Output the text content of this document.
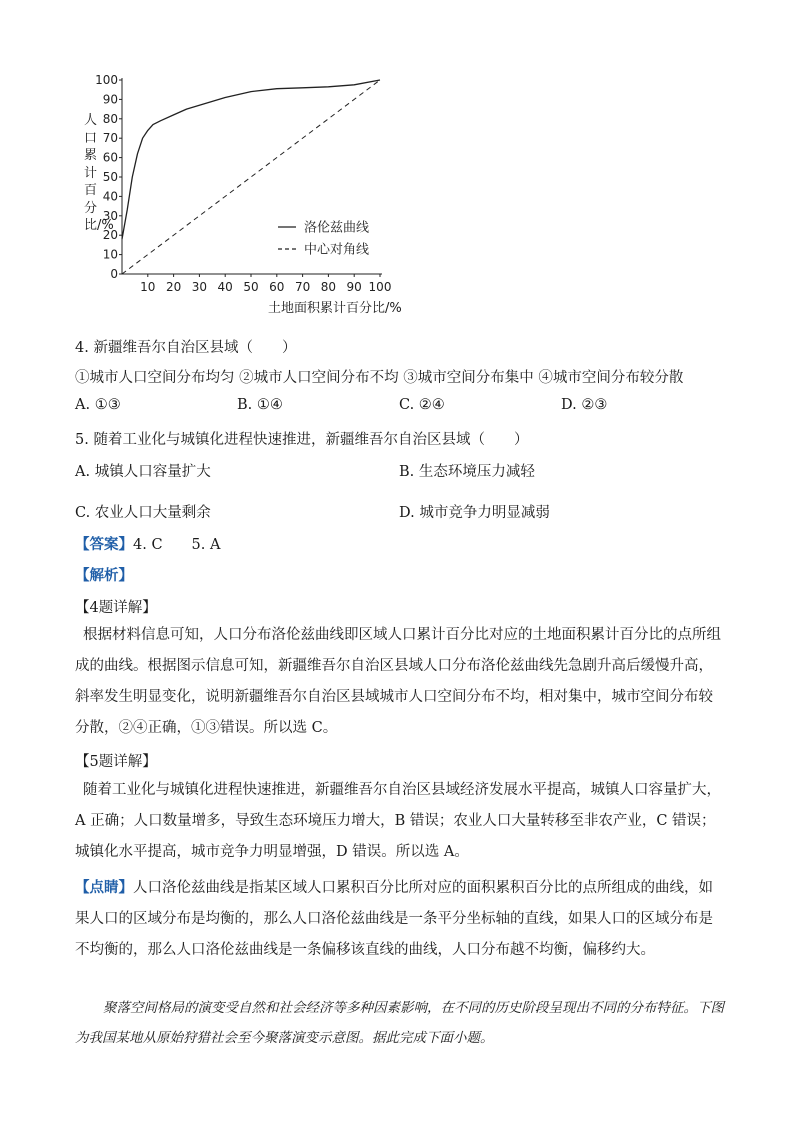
0
10
20
30
40
50
60
70
80
90
100
10 20 30 40 50 60 70 80 90 100
洛伦兹曲线
中心对角线
人口累计百分比/%
土地面积累计百分比/%
4. 新疆维吾尔自治区县域（　　）
①城市人口空间分布均匀 ②城市人口空间分布不均 ③城市空间分布集中 ④城市空间分布较分散
A. ①③	B. ①④	C. ②④	D. ②③
5. 随着工业化与城镇化进程快速推进，新疆维吾尔自治区县域（　　）
A. 城镇人口容量扩大	B. 生态环境压力减轻
C. 农业人口大量剩余	D. 城市竞争力明显减弱
【答案】4. C　　5. A
【解析】
【4题详解】
根据材料信息可知，人口分布洛伦兹曲线即区域人口累计百分比对应的土地面积累计百分比的点所组成的曲线。根据图示信息可知，新疆维吾尔自治区县域人口分布洛伦兹曲线先急剧升高后缓慢升高，斜率发生明显变化，说明新疆维吾尔自治区县域城市人口空间分布不均，相对集中，城市空间分布较分散，②④正确，①③错误。所以选 C。
【5题详解】
随着工业化与城镇化进程快速推进，新疆维吾尔自治区县域经济发展水平提高，城镇人口容量扩大，A 正确；人口数量增多，导致生态环境压力增大，B 错误；农业人口大量转移至非农产业，C 错误；城镇化水平提高，城市竞争力明显增强，D 错误。所以选 A。
【点睛】人口洛伦兹曲线是指某区域人口累积百分比所对应的面积累积百分比的点所组成的曲线，如果人口的区域分布是均衡的，那么人口洛伦兹曲线是一条平分坐标轴的直线，如果人口的区域分布是不均衡的，那么人口洛伦兹曲线是一条偏移该直线的曲线，人口分布越不均衡，偏移约大。
聚落空间格局的演变受自然和社会经济等多种因素影响，在不同的历史阶段呈现出不同的分布特征。下图为我国某地从原始狩猎社会至今聚落演变示意图。据此完成下面小题。
